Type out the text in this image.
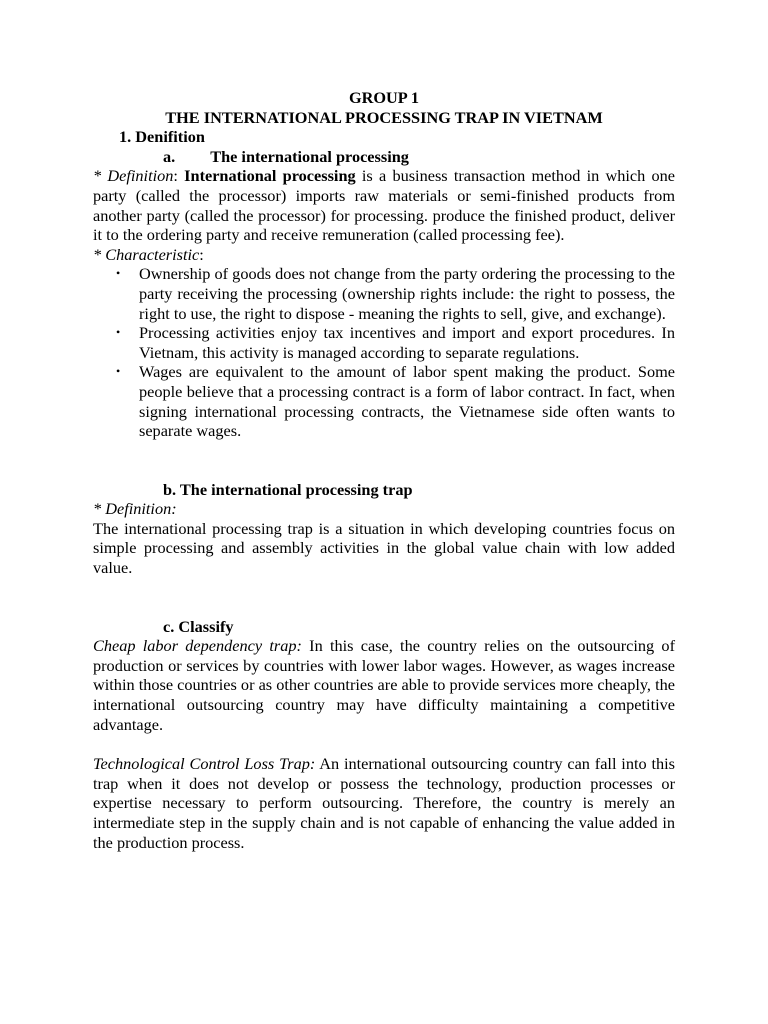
GROUP 1
THE INTERNATIONAL PROCESSING TRAP IN VIETNAM
1. Denifition
a. The international processing
* Definition: International processing is a business transaction method in which one party (called the processor) imports raw materials or semi-finished products from another party (called the processor) for processing. produce the finished product, deliver it to the ordering party and receive remuneration (called processing fee).
* Characteristic:
• Ownership of goods does not change from the party ordering the processing to the party receiving the processing (ownership rights include: the right to possess, the right to use, the right to dispose - meaning the rights to sell, give, and exchange).
• Processing activities enjoy tax incentives and import and export procedures. In Vietnam, this activity is managed according to separate regulations.
• Wages are equivalent to the amount of labor spent making the product. Some people believe that a processing contract is a form of labor contract. In fact, when signing international processing contracts, the Vietnamese side often wants to separate wages.
b. The international processing trap
* Definition:
The international processing trap is a situation in which developing countries focus on simple processing and assembly activities in the global value chain with low added value.
c. Classify
Cheap labor dependency trap: In this case, the country relies on the outsourcing of production or services by countries with lower labor wages. However, as wages increase within those countries or as other countries are able to provide services more cheaply, the international outsourcing country may have difficulty maintaining a competitive advantage.
Technological Control Loss Trap: An international outsourcing country can fall into this trap when it does not develop or possess the technology, production processes or expertise necessary to perform outsourcing. Therefore, the country is merely an intermediate step in the supply chain and is not capable of enhancing the value added in the production process.
